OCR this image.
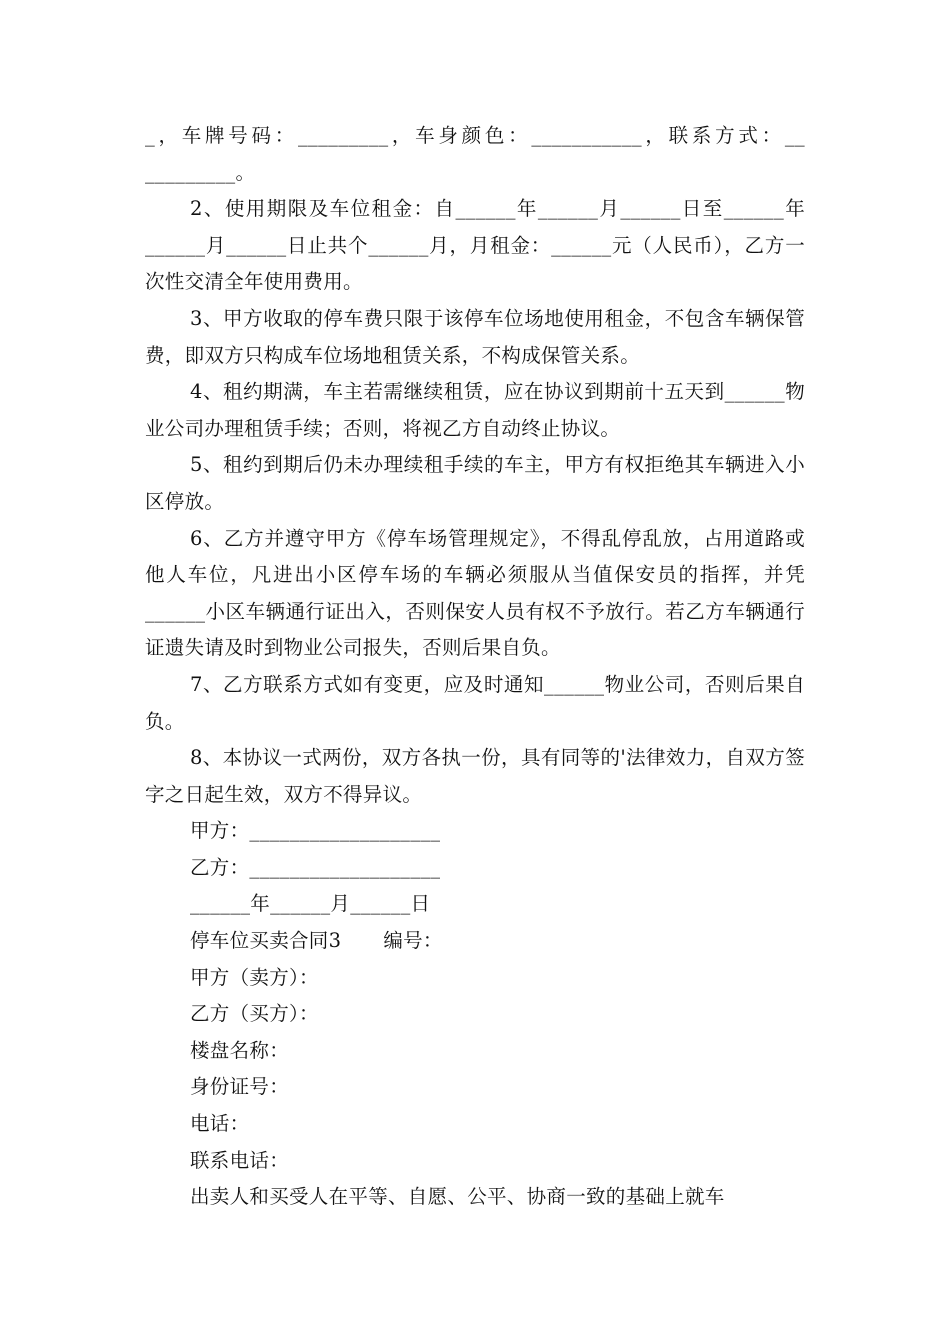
_，车牌号码：_________，车身颜色：___________，联系方式：__

_________。

2、使用期限及车位租金：自______年______月______日至______年______月______日止共个______月，月租金：______元（人民币），乙方一次性交清全年使用费用。

3、甲方收取的停车费只限于该停车位场地使用租金，不包含车辆保管费，即双方只构成车位场地租赁关系，不构成保管关系。

4、租约期满，车主若需继续租赁，应在协议到期前十五天到______物业公司办理租赁手续；否则，将视乙方自动终止协议。

5、租约到期后仍未办理续租手续的车主，甲方有权拒绝其车辆进入小区停放。

6、乙方并遵守甲方《停车场管理规定》，不得乱停乱放，占用道路或他人车位，凡进出小区停车场的车辆必须服从当值保安员的指挥，并凭______小区车辆通行证出入，否则保安人员有权不予放行。若乙方车辆通行证遗失请及时到物业公司报失，否则后果自负。

7、乙方联系方式如有变更，应及时通知______物业公司，否则后果自负。

8、本协议一式两份，双方各执一份，具有同等的'法律效力，自双方签字之日起生效，双方不得异议。

甲方：___________________

乙方：___________________

______年______月______日

停车位买卖合同3 编号：

甲方（卖方）：

乙方（买方）：

楼盘名称：

身份证号：

电话：

联系电话：

出卖人和买受人在平等、自愿、公平、协商一致的基础上就车
